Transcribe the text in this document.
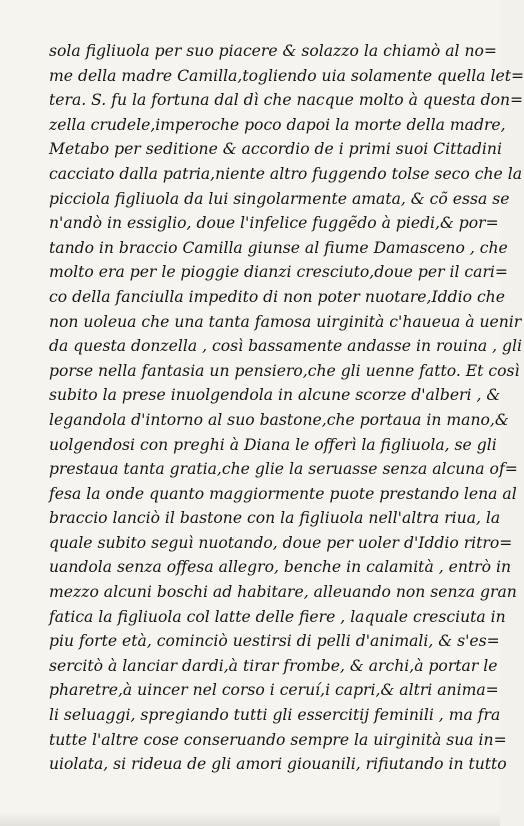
sola figliuola per suo piacere & solazzo la chiamò al no=
me della madre Camilla,togliendo uia solamente quella let=
tera. S. fu la fortuna dal dì che nacque molto à questa don=
zella crudele,imperoche poco dapoi la morte della madre,
Metabo per seditione & accordio de i primi suoi Cittadini
cacciato dalla patria,niente altro fuggendo tolse seco che la
picciola figliuola da lui singolarmente amata, & cõ essa se
n'andò in essiglio, doue l'infelice fuggẽdo à piedi,& por=
tando in braccio Camilla giunse al fiume Damasceno , che
molto era per le pioggie dianzi cresciuto,doue per il cari=
co della fanciulla impedito di non poter nuotare,Iddio che
non uoleua che una tanta famosa uirginità c'haueua à uenir
da questa donzella , così bassamente andasse in rouina , gli
porse nella fantasia un pensiero,che gli uenne fatto. Et così
subito la prese inuolgendola in alcune scorze d'alberi , &
legandola d'intorno al suo bastone,che portaua in mano,&
uolgendosi con preghi à Diana le offerì la figliuola, se gli
prestaua tanta gratia,che glie la seruasse senza alcuna of=
fesa la onde quanto maggiormente puote prestando lena al
braccio lanciò il bastone con la figliuola nell'altra riua, la
quale subito seguì nuotando, doue per uoler d'Iddio ritro=
uandola senza offesa allegro, benche in calamità , entrò in
mezzo alcuni boschi ad habitare, alleuando non senza gran
fatica la figliuola col latte delle fiere , laquale cresciuta in
piu forte età, cominciò uestirsi di pelli d'animali, & s'es=
sercitò à lanciar dardi,à tirar frombe, & archi,à portar le
pharetre,à uincer nel corso i ceruí,i capri,& altri anima=
li seluaggi, spregiando tutti gli essercitij feminili , ma fra
tutte l'altre cose conseruando sempre la uirginità sua in=
uiolata, si rideua de gli amori giouanili, rifiutando in tutto
